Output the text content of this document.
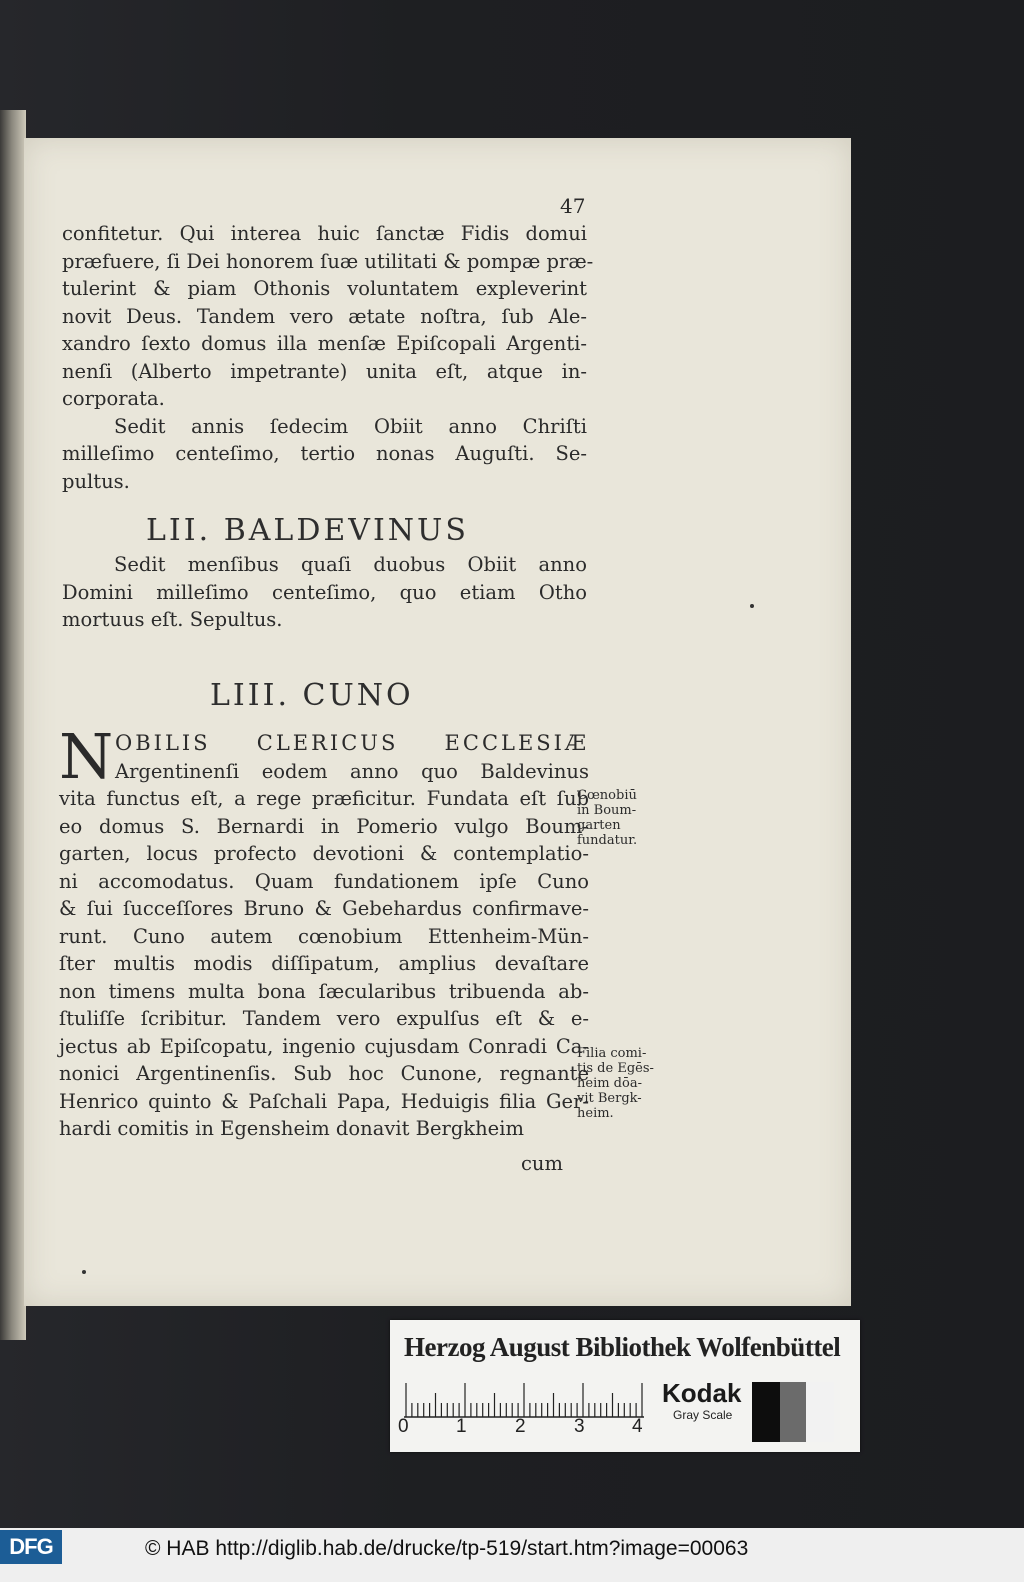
47
confitetur. Qui interea huic ſanctæ Fidis domui
præfuere, ſi Dei honorem ſuæ utilitati & pompæ præ-
tulerint & piam Othonis voluntatem expleverint
novit Deus. Tandem vero ætate noſtra, ſub Ale-
xandro ſexto domus illa menſæ Epiſcopali Argenti-
nenſi (Alberto impetrante) unita eſt, atque in-
corporata.
Sedit annis ſedecim Obiit anno Chriſti
milleſimo centeſimo, tertio nonas Auguſti. Se-
pultus.
LII. BALDEVINUS
Sedit menſibus quaſi duobus Obiit anno
Domini milleſimo centeſimo, quo etiam Otho
mortuus eſt. Sepultus.
LIII. CUNO
N OBILIS CLERICUS ECCLESIÆ
Argentinenſi eodem anno quo Baldevinus
vita functus eſt, a rege præficitur. Fundata eſt ſub
eo domus S. Bernardi in Pomerio vulgo Boum-
garten, locus profecto devotioni & contemplatio-
ni accomodatus. Quam fundationem ipſe Cuno
& ſui ſucceſſores Bruno & Gebehardus confirmave-
runt. Cuno autem cœnobium Ettenheim-Mün-
ſter multis modis diſſipatum, amplius devaſtare
non timens multa bona ſæcularibus tribuenda ab-
ſtuliſſe ſcribitur. Tandem vero expulſus eſt & e-
jectus ab Epiſcopatu, ingenio cujusdam Conradi Ca-
nonici Argentinenſis. Sub hoc Cunone, regnante
Henrico quinto & Paſchali Papa, Heduigis filia Ger-
hardi comitis in Egensheim donavit Bergkheim
Cœnobiū
in Boum-
garten
fundatur.
Filia comi-
tis de Egēs-
heim dōa-
vit Bergk-
heim.
cum
Herzog August Bibliothek Wolfenbüttel
0 1	2	3 4
Kodak
Gray Scale
DFG	© HAB http://diglib.hab.de/drucke/tp-519/start.htm?image=00063
